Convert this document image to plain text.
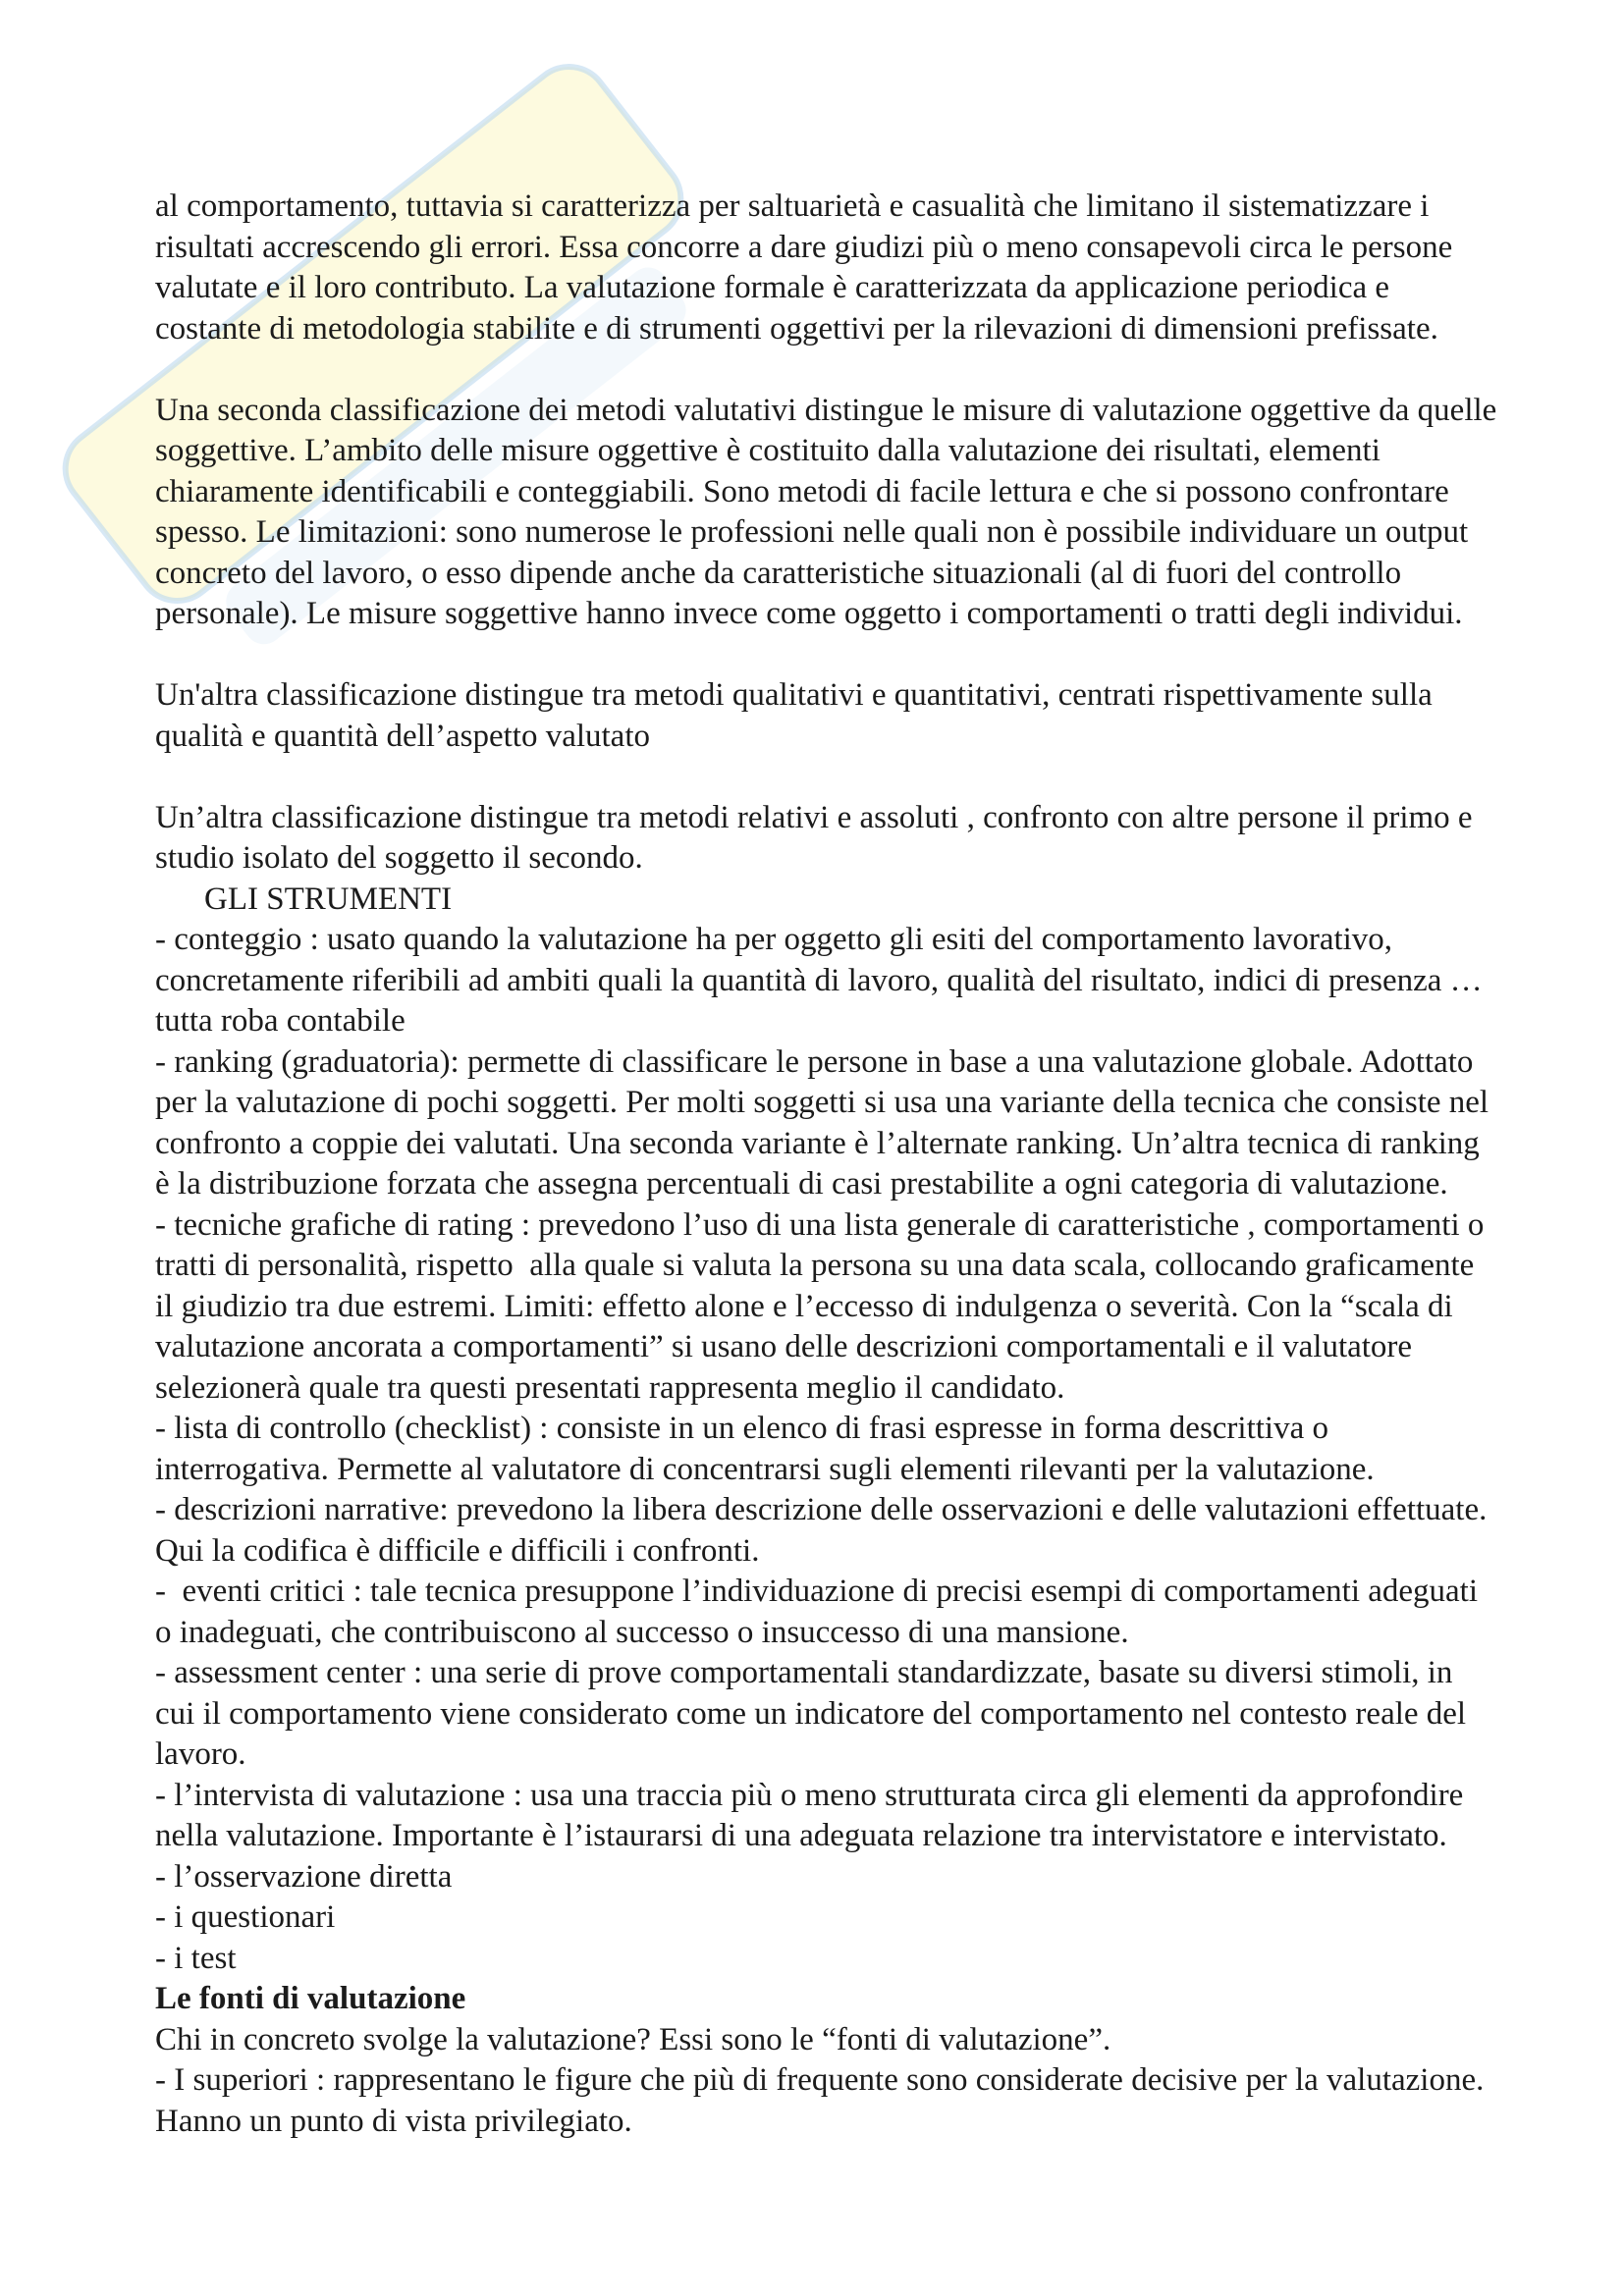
al comportamento, tuttavia si caratterizza per saltuarietà e casualità che limitano il sistematizzare i
risultati accrescendo gli errori. Essa concorre a dare giudizi più o meno consapevoli circa le persone
valutate e il loro contributo. La valutazione formale è caratterizzata da applicazione periodica e
costante di metodologia stabilite e di strumenti oggettivi per la rilevazioni di dimensioni prefissate.
Una seconda classificazione dei metodi valutativi distingue le misure di valutazione oggettive da quelle
soggettive. L’ambito delle misure oggettive è costituito dalla valutazione dei risultati, elementi
chiaramente identificabili e conteggiabili. Sono metodi di facile lettura e che si possono confrontare
spesso. Le limitazioni: sono numerose le professioni nelle quali non è possibile individuare un output
concreto del lavoro, o esso dipende anche da caratteristiche situazionali (al di fuori del controllo
personale). Le misure soggettive hanno invece come oggetto i comportamenti o tratti degli individui.
Un'altra classificazione distingue tra metodi qualitativi e quantitativi, centrati rispettivamente sulla
qualità e quantità dell’aspetto valutato
Un’altra classificazione distingue tra metodi relativi e assoluti , confronto con altre persone il primo e
studio isolato del soggetto il secondo.
GLI STRUMENTI
- conteggio : usato quando la valutazione ha per oggetto gli esiti del comportamento lavorativo,
concretamente riferibili ad ambiti quali la quantità di lavoro, qualità del risultato, indici di presenza …
tutta roba contabile
- ranking (graduatoria): permette di classificare le persone in base a una valutazione globale. Adottato
per la valutazione di pochi soggetti. Per molti soggetti si usa una variante della tecnica che consiste nel
confronto a coppie dei valutati. Una seconda variante è l’alternate ranking. Un’altra tecnica di ranking
è la distribuzione forzata che assegna percentuali di casi prestabilite a ogni categoria di valutazione.
- tecniche grafiche di rating : prevedono l’uso di una lista generale di caratteristiche , comportamenti o
tratti di personalità, rispetto  alla quale si valuta la persona su una data scala, collocando graficamente
il giudizio tra due estremi. Limiti: effetto alone e l’eccesso di indulgenza o severità. Con la “scala di
valutazione ancorata a comportamenti” si usano delle descrizioni comportamentali e il valutatore
selezionerà quale tra questi presentati rappresenta meglio il candidato.
- lista di controllo (checklist) : consiste in un elenco di frasi espresse in forma descrittiva o
interrogativa. Permette al valutatore di concentrarsi sugli elementi rilevanti per la valutazione.
- descrizioni narrative: prevedono la libera descrizione delle osservazioni e delle valutazioni effettuate.
Qui la codifica è difficile e difficili i confronti.
-  eventi critici : tale tecnica presuppone l’individuazione di precisi esempi di comportamenti adeguati
o inadeguati, che contribuiscono al successo o insuccesso di una mansione.
- assessment center : una serie di prove comportamentali standardizzate, basate su diversi stimoli, in
cui il comportamento viene considerato come un indicatore del comportamento nel contesto reale del
lavoro.
- l’intervista di valutazione : usa una traccia più o meno strutturata circa gli elementi da approfondire
nella valutazione. Importante è l’istaurarsi di una adeguata relazione tra intervistatore e intervistato.
- l’osservazione diretta
- i questionari
- i test
Le fonti di valutazione
Chi in concreto svolge la valutazione? Essi sono le “fonti di valutazione”.
- I superiori : rappresentano le figure che più di frequente sono considerate decisive per la valutazione.
Hanno un punto di vista privilegiato.
